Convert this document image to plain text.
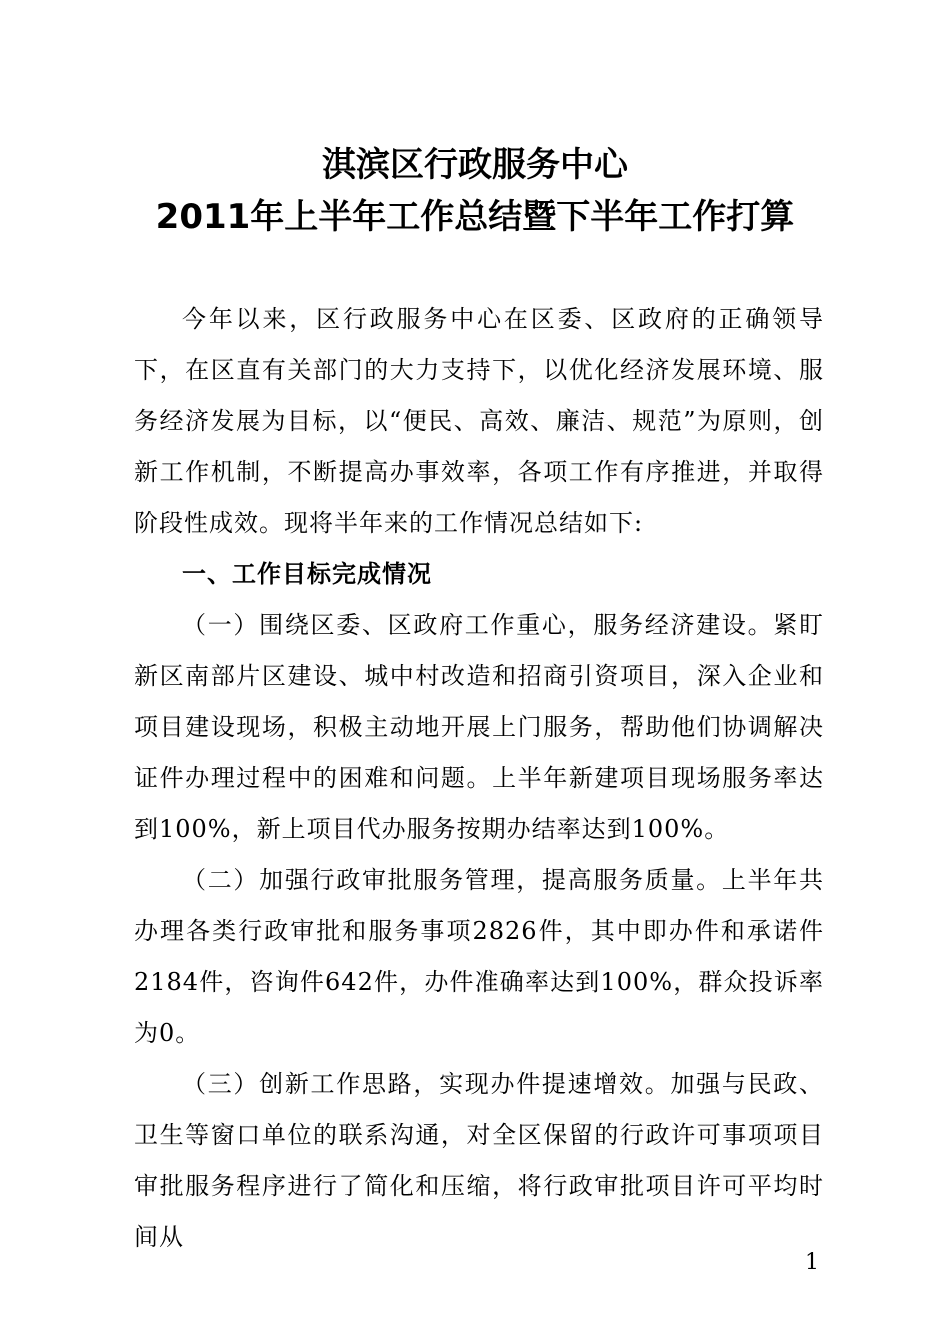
淇滨区行政服务中心
2011年上半年工作总结暨下半年工作打算

今年以来，区行政服务中心在区委、区政府的正确领导下，在区直有关部门的大力支持下，以优化经济发展环境、服务经济发展为目标，以“便民、高效、廉洁、规范”为原则，创新工作机制，不断提高办事效率，各项工作有序推进，并取得阶段性成效。现将半年来的工作情况总结如下:

一、工作目标完成情况

（一）围绕区委、区政府工作重心，服务经济建设。紧盯新区南部片区建设、城中村改造和招商引资项目，深入企业和项目建设现场，积极主动地开展上门服务，帮助他们协调解决证件办理过程中的困难和问题。上半年新建项目现场服务率达到100%，新上项目代办服务按期办结率达到100%。

（二）加强行政审批服务管理，提高服务质量。上半年共办理各类行政审批和服务事项2826件，其中即办件和承诺件2184件，咨询件642件，办件准确率达到100%，群众投诉率为0。

（三）创新工作思路，实现办件提速增效。加强与民政、卫生等窗口单位的联系沟通，对全区保留的行政许可事项项目审批服务程序进行了简化和压缩，将行政审批项目许可平均时间从

1
